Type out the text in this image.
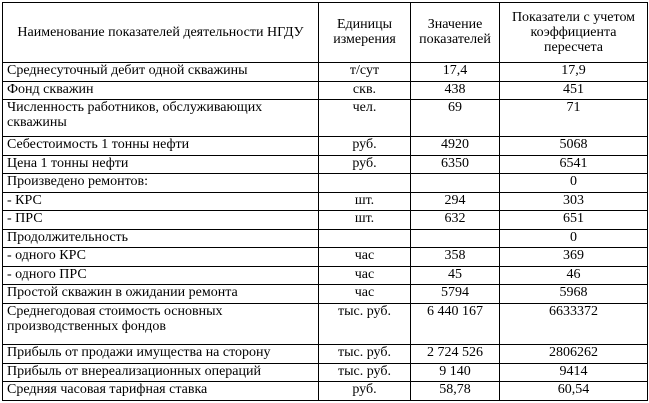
Наименование показателей деятельности НГДУ	Единицы измерения	Значение показателей	Показатели с учетом коэффициента пересчета
Среднесуточный дебит одной скважины	т/сут	17,4	17,9
Фонд скважин	скв.	438	451
Численность работников, обслуживающих скважины	чел.	69	71
Себестоимость 1 тонны нефти	руб.	4920	5068
Цена 1 тонны нефти	руб.	6350	6541
Произведено ремонтов:			0
- КРС	шт.	294	303
- ПРС	шт.	632	651
Продолжительность			0
- одного КРС	час	358	369
- одного ПРС	час	45	46
Простой скважин в ожидании ремонта	час	5794	5968
Среднегодовая стоимость основных производственных фондов	тыс. руб.	6 440 167	6633372
Прибыль от продажи имущества на сторону	тыс. руб.	2 724 526	2806262
Прибыль от внереализационных операций	тыс. руб.	9 140	9414
Средняя часовая тарифная ставка	руб.	58,78	60,54
